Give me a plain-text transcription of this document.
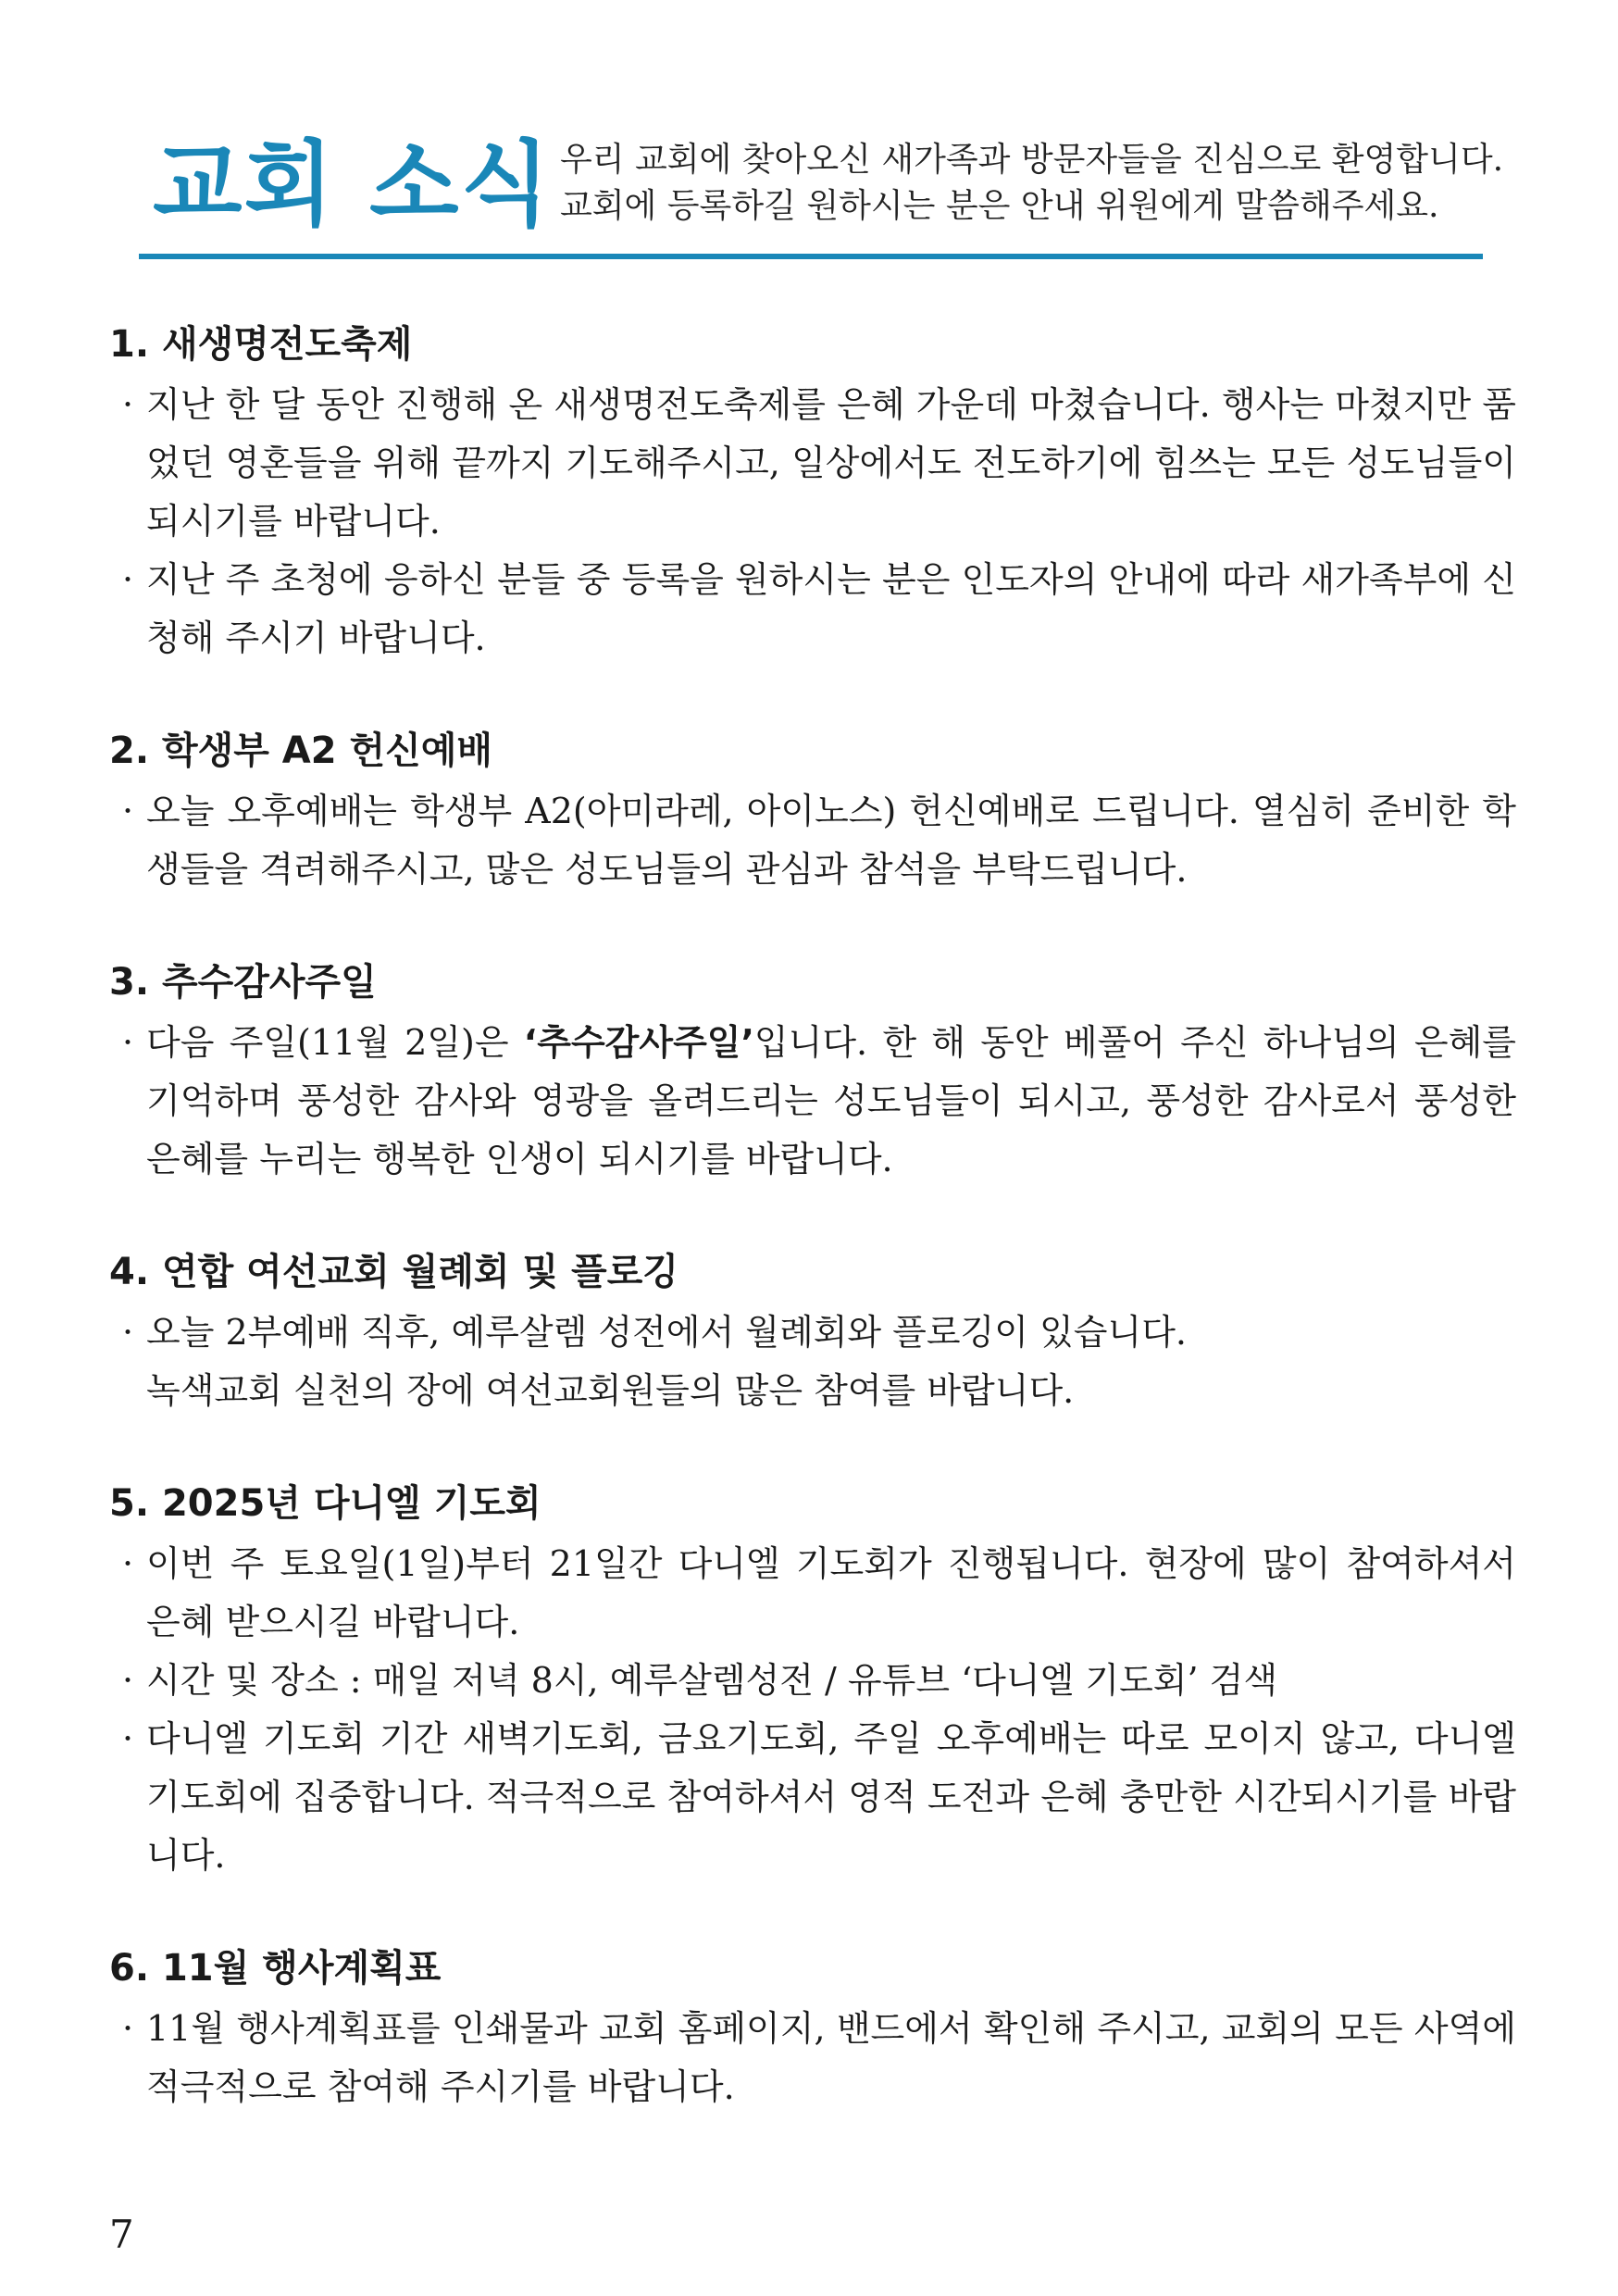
교회 소식 우리 교회에 찾아오신 새가족과 방문자들을 진심으로 환영합니다.
교회에 등록하길 원하시는 분은 안내 위원에게 말씀해주세요.
1. 새생명전도축제
· 지난 한 달 동안 진행해 온 새생명전도축제를 은혜 가운데 마쳤습니다. 행사는 마쳤지만 품었던 영혼들을 위해 끝까지 기도해주시고, 일상에서도 전도하기에 힘쓰는 모든 성도님들이 되시기를 바랍니다.
· 지난 주 초청에 응하신 분들 중 등록을 원하시는 분은 인도자의 안내에 따라 새가족부에 신청해 주시기 바랍니다.
2. 학생부 A2 헌신예배
· 오늘 오후예배는 학생부 A2(아미라레, 아이노스) 헌신예배로 드립니다. 열심히 준비한 학생들을 격려해주시고, 많은 성도님들의 관심과 참석을 부탁드립니다.
3. 추수감사주일
· 다음 주일(11월 2일)은 ‘추수감사주일’입니다. 한 해 동안 베풀어 주신 하나님의 은혜를 기억하며 풍성한 감사와 영광을 올려드리는 성도님들이 되시고, 풍성한 감사로서 풍성한 은혜를 누리는 행복한 인생이 되시기를 바랍니다.
4. 연합 여선교회 월례회 및 플로깅
· 오늘 2부예배 직후, 예루살렘 성전에서 월례회와 플로깅이 있습니다.
녹색교회 실천의 장에 여선교회원들의 많은 참여를 바랍니다.
5. 2025년 다니엘 기도회
· 이번 주 토요일(1일)부터 21일간 다니엘 기도회가 진행됩니다. 현장에 많이 참여하셔서 은혜 받으시길 바랍니다.
· 시간 및 장소 : 매일 저녁 8시, 예루살렘성전 / 유튜브 ‘다니엘 기도회’ 검색
· 다니엘 기도회 기간 새벽기도회, 금요기도회, 주일 오후예배는 따로 모이지 않고, 다니엘 기도회에 집중합니다. 적극적으로 참여하셔서 영적 도전과 은혜 충만한 시간되시기를 바랍니다.
6. 11월 행사계획표
· 11월 행사계획표를 인쇄물과 교회 홈페이지, 밴드에서 확인해 주시고, 교회의 모든 사역에 적극적으로 참여해 주시기를 바랍니다.
7
